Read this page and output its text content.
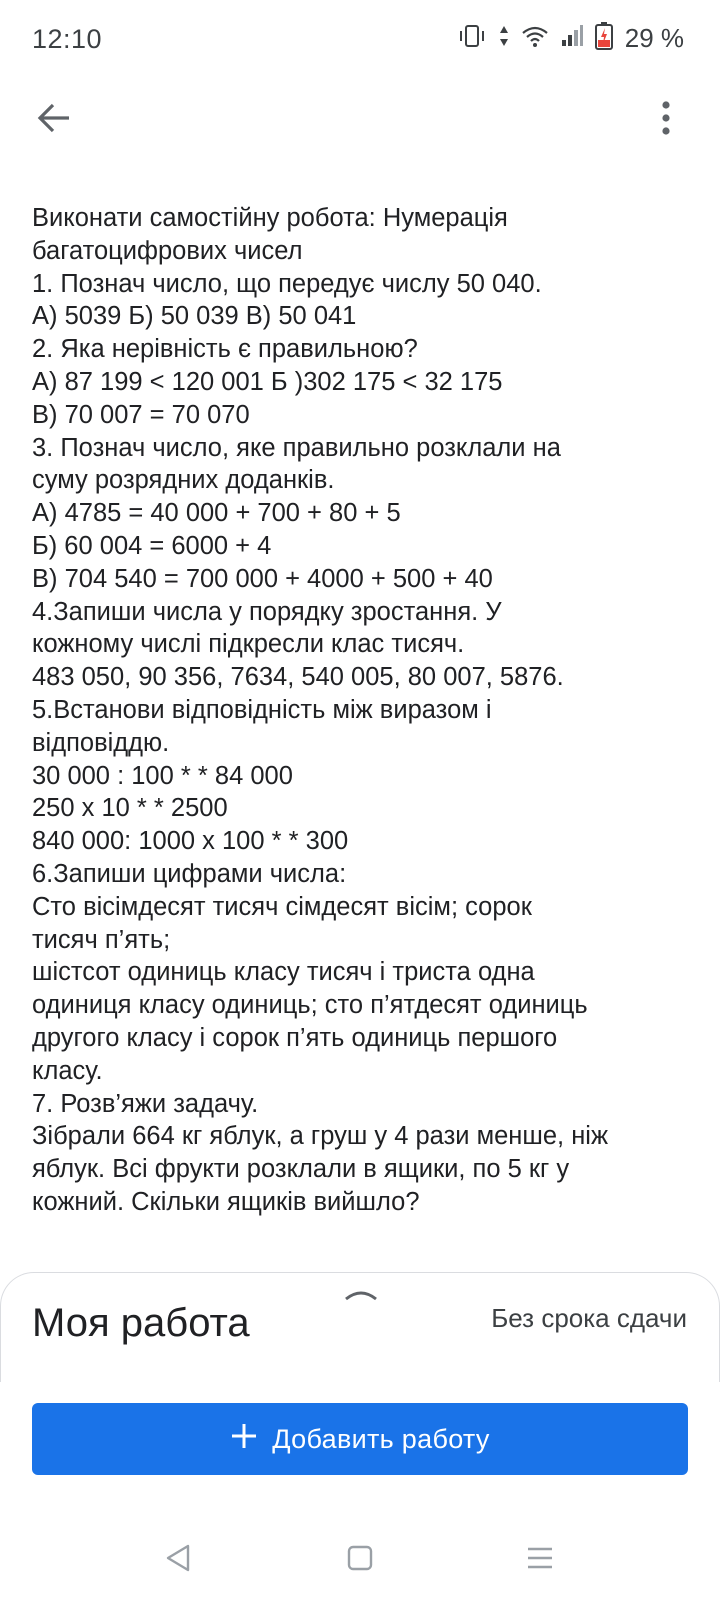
12:10	29 %
Виконати самостійну робота: Нумерація
багатоцифрових чисел
1. Познач число, що передує числу 50 040.
А) 5039 Б) 50 039 В) 50 041
2. Яка нерівність є правильною?
А) 87 199 < 120 001 Б )302 175 < 32 175
В) 70 007 = 70 070
3. Познач число, яке правильно розклали на
суму розрядних доданків.
А) 4785 = 40 000 + 700 + 80 + 5
Б) 60 004 = 6000 + 4
В) 704 540 = 700 000 + 4000 + 500 + 40
4.Запиши числа у порядку зростання. У
кожному числі підкресли клас тисяч.
483 050, 90 356, 7634, 540 005, 80 007, 5876.
5.Встанови відповідність між виразом і
відповіддю.
30 000 : 100 * * 84 000
250 x 10 * * 2500
840 000: 1000 x 100 * * 300
6.Запиши цифрами числа:
Сто вісімдесят тисяч сімдесят вісім; сорок
тисяч п’ять;
шістсот одиниць класу тисяч і триста одна
одиниця класу одиниць; сто п’ятдесят одиниць
другого класу і сорок п’ять одиниць першого
класу.
7. Розв’яжи задачу.
Зібрали 664 кг яблук, а груш у 4 рази менше, ніж
яблук. Всі фрукти розклали в ящики, по 5 кг у
кожний. Скільки ящиків вийшло?
Моя работа	Без срока сдачи
Добавить работу
